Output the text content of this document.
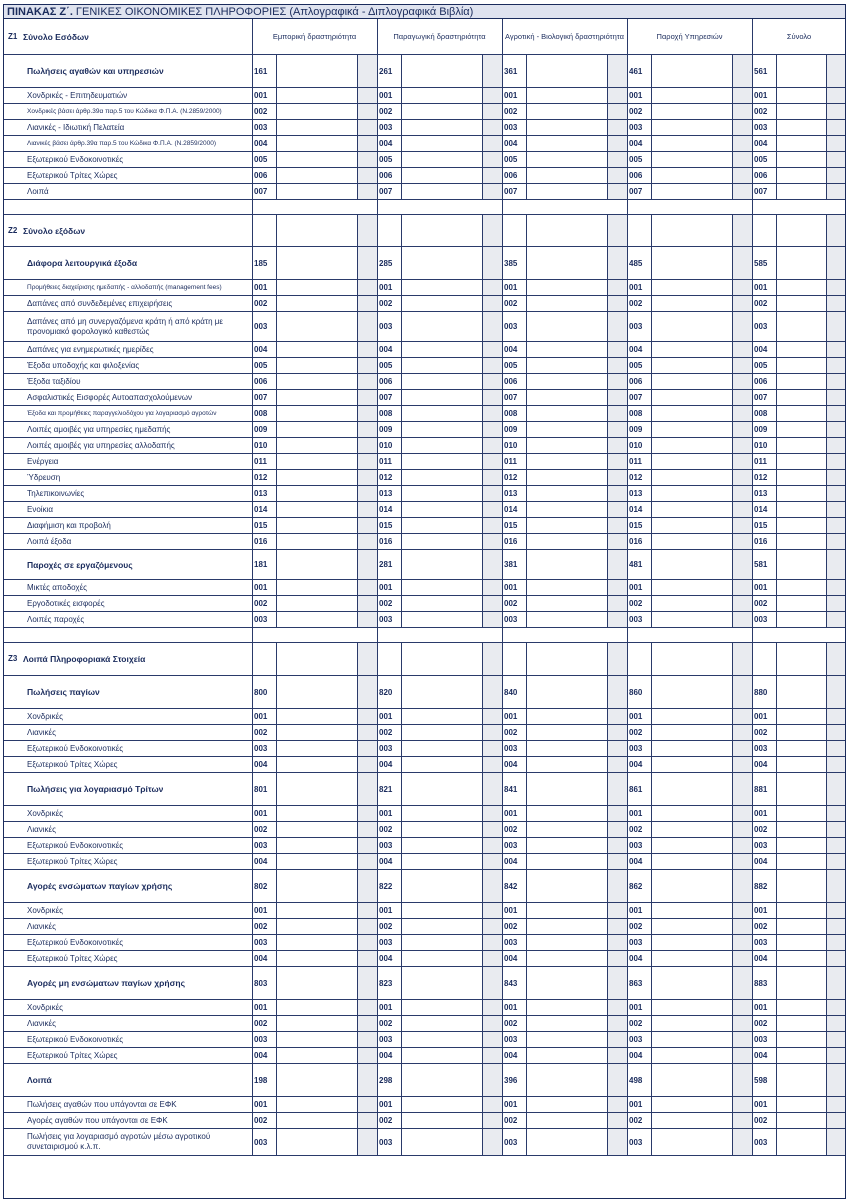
ΠΙΝΑΚΑΣ Ζ΄. ΓΕΝΙΚΕΣ ΟΙΚΟΝΟΜΙΚΕΣ ΠΛΗΡΟΦΟΡΙΕΣ (Απλογραφικά - Διπλογραφικά Βιβλία)
Ζ1 Σύνολο Εσόδων	Εμπορική δραστηριότητα	Παραγωγική δραστηριότητα	Αγροτική - Βιολογική δραστηριότητα	Παροχή Υπηρεσιών	Σύνολο
Πωλήσεις αγαθών και υπηρεσιών	161	261	361	461	561
Χονδρικές - Επιτηδευματιών	001	001	001	001	001
Χονδρικές βάσει άρθρ.39α παρ.5 του Κώδικα Φ.Π.Α. (Ν.2859/2000)	002	002	002	002	002
Λιανικές - Ιδιωτική Πελατεία	003	003	003	003	003
Λιανικές βάσει άρθρ.39α παρ.5 του Κώδικα Φ.Π.Α. (Ν.2859/2000)	004	004	004	004	004
Εξωτερικού Ενδοκοινοτικές	005	005	005	005	005
Εξωτερικού Τρίτες Χώρες	006	006	006	006	006
Λοιπά	007	007	007	007	007
Ζ2 Σύνολο εξόδων
Διάφορα λειτουργικά έξοδα	185	285	385	485	585
Προμήθειες διαχείρισης ημεδαπής - αλλοδαπής (management fees)	001	001	001	001	001
Δαπάνες από συνδεδεμένες επιχειρήσεις	002	002	002	002	002
Δαπάνες από μη συνεργαζόμενα κράτη ή από κράτη με προνομιακό φορολογικό καθεστώς	003	003	003	003	003
Δαπάνες για ενημερωτικές ημερίδες	004	004	004	004	004
Έξοδα υποδοχής και φιλοξενίας	005	005	005	005	005
Έξοδα ταξιδίου	006	006	006	006	006
Ασφαλιστικές Εισφορές Αυτοαπασχολούμενων	007	007	007	007	007
Έξοδα και προμήθειες παραγγελιοδόχου για λογαριασμό αγροτών	008	008	008	008	008
Λοιπές αμοιβές για υπηρεσίες ημεδαπής	009	009	009	009	009
Λοιπές αμοιβές για υπηρεσίες αλλοδαπής	010	010	010	010	010
Ενέργεια	011	011	011	011	011
Ύδρευση	012	012	012	012	012
Τηλεπικοινωνίες	013	013	013	013	013
Ενοίκια	014	014	014	014	014
Διαφήμιση και προβολή	015	015	015	015	015
Λοιπά έξοδα	016	016	016	016	016
Παροχές σε εργαζόμενους	181	281	381	481	581
Μικτές αποδοχές	001	001	001	001	001
Εργοδοτικές εισφορές	002	002	002	002	002
Λοιπές παροχές	003	003	003	003	003
Ζ3 Λοιπά Πληροφοριακά Στοιχεία
Πωλήσεις παγίων	800	820	840	860	880
Χονδρικές	001	001	001	001	001
Λιανικές	002	002	002	002	002
Εξωτερικού Ενδοκοινοτικές	003	003	003	003	003
Εξωτερικού Τρίτες Χώρες	004	004	004	004	004
Πωλήσεις για λογαριασμό Τρίτων	801	821	841	861	881
Χονδρικές	001	001	001	001	001
Λιανικές	002	002	002	002	002
Εξωτερικού Ενδοκοινοτικές	003	003	003	003	003
Εξωτερικού Τρίτες Χώρες	004	004	004	004	004
Αγορές ενσώματων παγίων χρήσης	802	822	842	862	882
Χονδρικές	001	001	001	001	001
Λιανικές	002	002	002	002	002
Εξωτερικού Ενδοκοινοτικές	003	003	003	003	003
Εξωτερικού Τρίτες Χώρες	004	004	004	004	004
Αγορές μη ενσώματων παγίων χρήσης	803	823	843	863	883
Χονδρικές	001	001	001	001	001
Λιανικές	002	002	002	002	002
Εξωτερικού Ενδοκοινοτικές	003	003	003	003	003
Εξωτερικού Τρίτες Χώρες	004	004	004	004	004
Λοιπά	198	298	396	498	598
Πωλήσεις αγαθών που υπάγονται σε ΕΦΚ	001	001	001	001	001
Αγορές αγαθών που υπάγονται σε ΕΦΚ	002	002	002	002	002
Πωλήσεις για λογαριασμό αγροτών μέσω αγροτικού συνεταιρισμού κ.λ.π.	003	003	003	003	003
